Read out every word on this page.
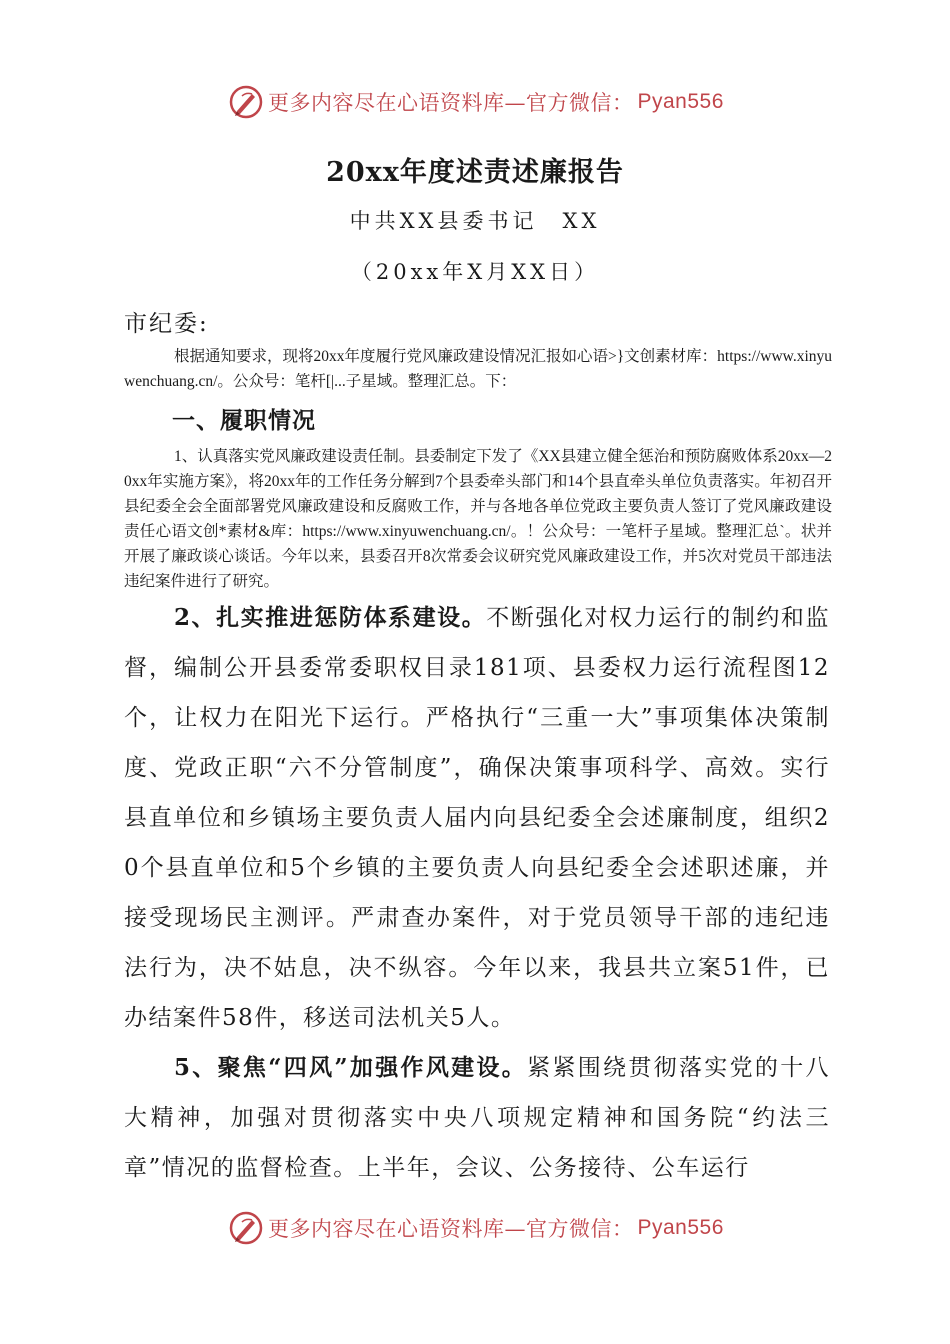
更多内容尽在心语资料库—官方微信： Pyan556
20xx年度述责述廉报告
中共XX县委书记　XX
（20xx年X月XX日）
市纪委:
根据通知要求，现将20xx年度履行党风廉政建设情况汇报如心语>}文创素材库：https://www.xinyuwenchuang.cn/。公众号：笔杆[|...子星域。整理汇总。下：
一、履职情况
1、认真落实党风廉政建设责任制。县委制定下发了《XX县建立健全惩治和预防腐败体系20xx—20xx年实施方案》，将20xx年的工作任务分解到7个县委牵头部门和14个县直牵头单位负责落实。年初召开县纪委全会全面部署党风廉政建设和反腐败工作，并与各地各单位党政主要负责人签订了党风廉政建设责任心语文创*素材&库：https://www.xinyuwenchuang.cn/。！公众号：一笔杆子星域。整理汇总`。状并开展了廉政谈心谈话。今年以来，县委召开8次常委会议研究党风廉政建设工作，并5次对党员干部违法违纪案件进行了研究。
2、扎实推进惩防体系建设。不断强化对权力运行的制约和监督，编制公开县委常委职权目录181项、县委权力运行流程图12个，让权力在阳光下运行。严格执行“三重一大”事项集体决策制度、党政正职“六不分管制度”，确保决策事项科学、高效。实行县直单位和乡镇场主要负责人届内向县纪委全会述廉制度，组织20个县直单位和5个乡镇的主要负责人向县纪委全会述职述廉，并接受现场民主测评。严肃查办案件，对于党员领导干部的违纪违法行为，决不姑息，决不纵容。今年以来，我县共立案51件，已办结案件58件，移送司法机关5人。
5、聚焦“四风”加强作风建设。紧紧围绕贯彻落实党的十八大精神，加强对贯彻落实中央八项规定精神和国务院“约法三章”情况的监督检查。上半年，会议、公务接待、公车运行
更多内容尽在心语资料库—官方微信： Pyan556
